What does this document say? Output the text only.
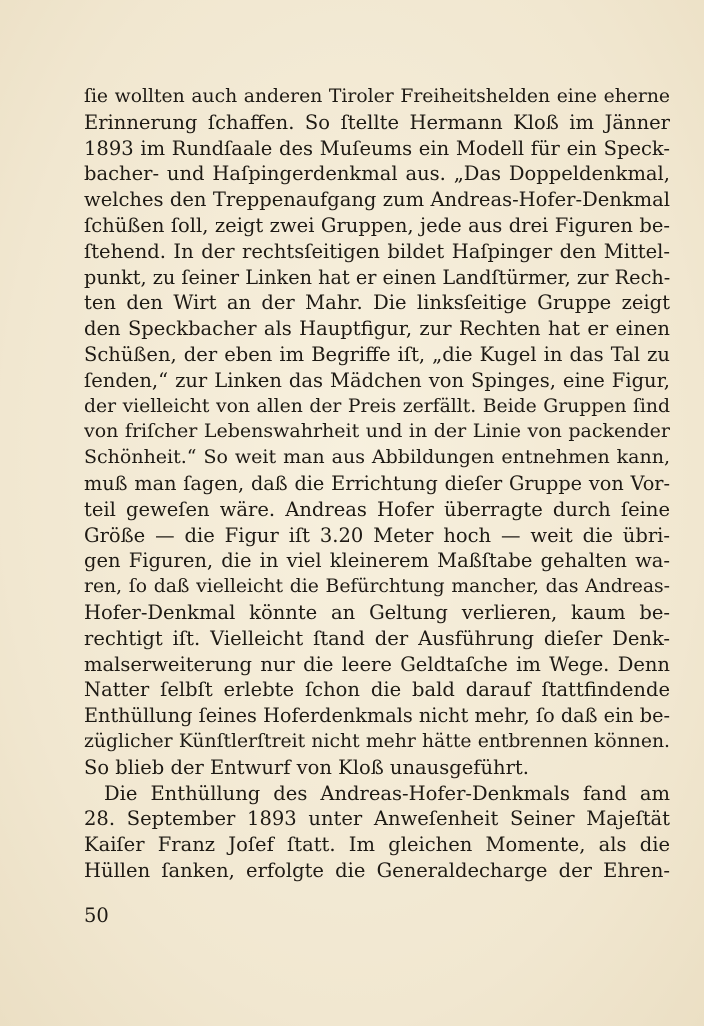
ſie wollten auch anderen Tiroler Freiheitshelden eine eherne
Erinnerung ſchaffen. So ſtellte Hermann Kloß im Jänner
1893 im Rundſaale des Muſeums ein Modell für ein Speck-
bacher- und Haſpingerdenkmal aus. „Das Doppeldenkmal,
welches den Treppenaufgang zum Andreas-Hofer-Denkmal
ſchüßen ſoll, zeigt zwei Gruppen, jede aus drei Figuren be-
ſtehend. In der rechtsſeitigen bildet Haſpinger den Mittel-
punkt, zu ſeiner Linken hat er einen Landſtürmer, zur Rech-
ten den Wirt an der Mahr. Die linksſeitige Gruppe zeigt
den Speckbacher als Hauptfigur, zur Rechten hat er einen
Schüßen, der eben im Begriffe iſt, „die Kugel in das Tal zu
ſenden,“ zur Linken das Mädchen von Spinges, eine Figur,
der vielleicht von allen der Preis zerfällt. Beide Gruppen ſind
von friſcher Lebenswahrheit und in der Linie von packender
Schönheit.“ So weit man aus Abbildungen entnehmen kann,
muß man ſagen, daß die Errichtung dieſer Gruppe von Vor-
teil geweſen wäre. Andreas Hofer überragte durch ſeine
Größe — die Figur iſt 3.20 Meter hoch — weit die übri-
gen Figuren, die in viel kleinerem Maßſtabe gehalten wa-
ren, ſo daß vielleicht die Befürchtung mancher, das Andreas-
Hofer-Denkmal könnte an Geltung verlieren, kaum be-
rechtigt iſt. Vielleicht ſtand der Ausführung dieſer Denk-
malserweiterung nur die leere Geldtaſche im Wege. Denn
Natter ſelbſt erlebte ſchon die bald darauf ſtattfindende
Enthüllung ſeines Hoferdenkmals nicht mehr, ſo daß ein be-
züglicher Künſtlerſtreit nicht mehr hätte entbrennen können.
So blieb der Entwurf von Kloß unausgeführt.
Die Enthüllung des Andreas-Hofer-Denkmals fand am
28. September 1893 unter Anweſenheit Seiner Majeſtät
Kaiſer Franz Joſef ſtatt. Im gleichen Momente, als die
Hüllen ſanken, erfolgte die Generaldecharge der Ehren-
50
